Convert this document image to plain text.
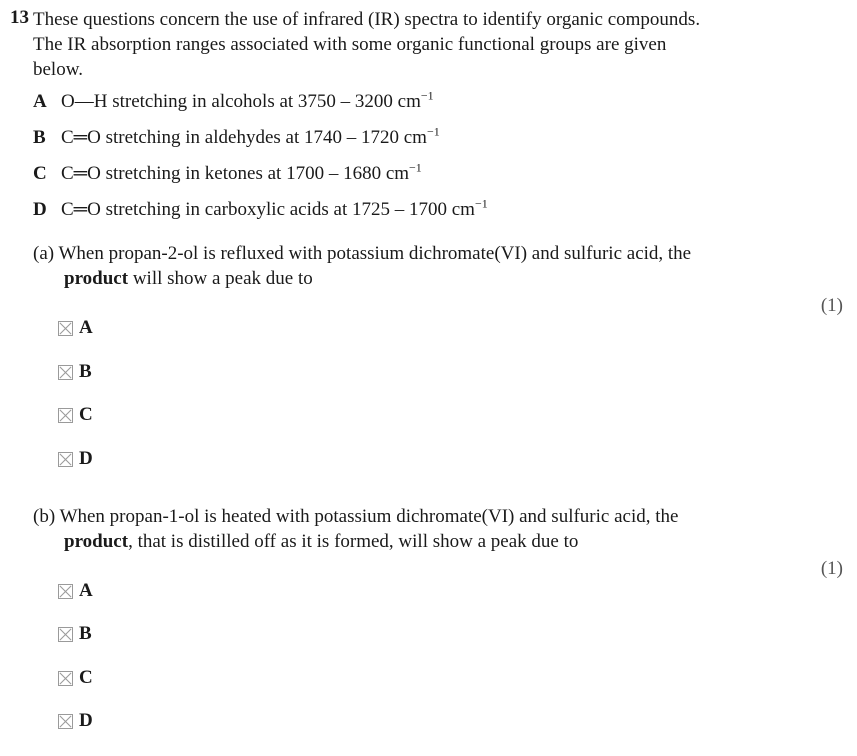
13 These questions concern the use of infrared (IR) spectra to identify organic compounds.
The IR absorption ranges associated with some organic functional groups are given
below.
A O—H stretching in alcohols at 3750 – 3200 $cm^{-1}$
B C═O stretching in aldehydes at 1740 – 1720 $cm^{-1}$
C C═O stretching in ketones at 1700 – 1680 $cm^{-1}$
D C═O stretching in carboxylic acids at 1725 – 1700 $cm^{-1}$
(a) When propan-2-ol is refluxed with potassium dichromate(VI) and sulfuric acid, the
product will show a peak due to
(1)
A
B
C
D
(b) When propan-1-ol is heated with potassium dichromate(VI) and sulfuric acid, the
product, that is distilled off as it is formed, will show a peak due to
(1)
A
B
C
D
